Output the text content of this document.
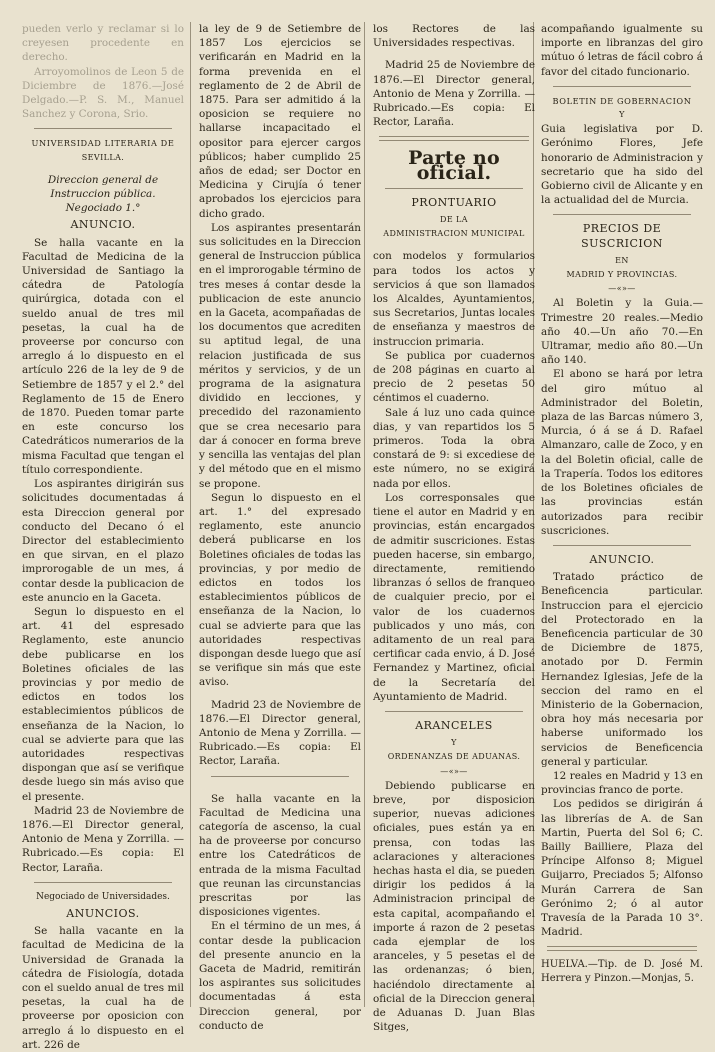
pueden verlo y reclamar si lo creyesen procedente en derecho.

Arroyomolinos de Leon 5 de Diciembre de 1876.—José Delgado.—P. S. M., Manuel Sanchez y Corona, Srio.

UNIVERSIDAD LITERARIA DE
SEVILLA.
Direccion general de Instruccion pública.
Negociado 1.°
ANUNCIO.

Se halla vacante en la Facultad de Medicina de la Universidad de Santiago la cátedra de Patología quirúrgica, dotada con el sueldo anual de tres mil pesetas, la cual ha de proveerse por concurso con arreglo á lo dispuesto en el artículo 226 de la ley de 9 de Setiembre de 1857 y el 2.° del Reglamento de 15 de Enero de 1870. Pueden tomar parte en este concurso los Catedráticos numerarios de la misma Facultad que tengan el título correspondiente.

Los aspirantes dirigirán sus solicitudes documentadas á esta Direccion general por conducto del Decano ó el Director del establecimiento en que sirvan, en el plazo improrogable de un mes, á contar desde la publicacion de este anuncio en la Gaceta.

Segun lo dispuesto en el art. 41 del espresado Reglamento, este anuncio debe publicarse en los Boletines oficiales de las provincias y por medio de edictos en todos los establecimientos públicos de enseñanza de la Nacion, lo cual se advierte para que las autoridades respectivas dispongan que así se verifique desde luego sin más aviso que el presente.

Madrid 23 de Noviembre de 1876.—El Director general, Antonio de Mena y Zorrilla. —Rubricado.—Es copia: El Rector, Laraña.

Negociado de Universidades.
ANUNCIOS.

Se halla vacante en la facultad de Medicina de la Universidad de Granada la cátedra de Fisiología, dotada con el sueldo anual de tres mil pesetas, la cual ha de proveerse por oposicion con arreglo á lo dispuesto en el art. 226 de

la ley de 9 de Setiembre de 1857 Los ejercicios se verificarán en Madrid en la forma prevenida en el reglamento de 2 de Abril de 1875. Para ser admitido á la oposicion se requiere no hallarse incapacitado el opositor para ejercer cargos públicos; haber cumplido 25 años de edad; ser Doctor en Medicina y Cirujía ó tener aprobados los ejercicios para dicho grado.

Los aspirantes presentarán sus solicitudes en la Direccion general de Instruccion pública en el improrogable término de tres meses á contar desde la publicacion de este anuncio en la Gaceta, acompañadas de los documentos que acrediten su aptitud legal, de una relacion justificada de sus méritos y servicios, y de un programa de la asignatura dividido en lecciones, y precedido del razonamiento que se crea necesario para dar á conocer en forma breve y sencilla las ventajas del plan y del método que en el mismo se propone.

Segun lo dispuesto en el art. 1.° del expresado reglamento, este anuncio deberá publicarse en los Boletines oficiales de todas las provincias, y por medio de edictos en todos los establecimientos públicos de enseñanza de la Nacion, lo cual se advierte para que las autoridades respectivas dispongan desde luego que así se verifique sin más que este aviso.

Madrid 23 de Noviembre de 1876.—El Director general, Antonio de Mena y Zorrilla. —Rubricado.—Es copia: El Rector, Laraña.

Se halla vacante en la Facultad de Medicina una categoría de ascenso, la cual ha de proveerse por concurso entre los Catedráticos de entrada de la misma Facultad que reunan las circunstancias prescritas por las disposiciones vigentes.

En el término de un mes, á contar desde la publicacion del presente anuncio en la Gaceta de Madrid, remitirán los aspirantes sus solicitudes documentadas á esta Direccion general, por conducto de

los Rectores de las Universidades respectivas.

Madrid 25 de Noviembre de 1876.—El Director general, Antonio de Mena y Zorrilla. —Rubricado.—Es copia: El Rector, Laraña.

Parte no oficial.
PRONTUARIO
DE LA
ADMINISTRACION MUNICIPAL

con modelos y formularios para todos los actos y servicios á que son llamados los Alcaldes, Ayuntamientos, sus Secretarios, Juntas locales de enseñanza y maestros de instruccion primaria.

Se publica por cuadernos de 208 páginas en cuarto al precio de 2 pesetas 50 céntimos el cuaderno.

Sale á luz uno cada quince dias, y van repartidos los 5 primeros. Toda la obra constará de 9: si excediese de este número, no se exigirá nada por ellos.

Los corresponsales que tiene el autor en Madrid y en provincias, están encargados de admitir suscriciones. Estas pueden hacerse, sin embargo, directamente, remitiendo libranzas ó sellos de franqueo de cualquier precio, por el valor de los cuadernos publicados y uno más, con aditamento de un real para certificar cada envio, á D. José Fernandez y Martinez, oficial de la Secretaría del Ayuntamiento de Madrid.

ARANCELES
Y
ORDENANZAS DE ADUANAS.
—«»—

Debiendo publicarse en breve, por disposicion superior, nuevas adiciones oficiales, pues están ya en prensa, con todas las aclaraciones y alteraciones hechas hasta el dia, se pueden dirigir los pedidos á la Administracion principal de esta capital, acompañando el importe á razon de 2 pesetas cada ejemplar de los aranceles, y 5 pesetas el de las ordenanzas; ó bien, haciéndolo directamente al oficial de la Direccion general de Aduanas D. Juan Blas Sitges,

acompañando igualmente su importe en libranzas del giro mútuo ó letras de fácil cobro á favor del citado funcionario.

BOLETIN DE GOBERNACION
Y

Guia legislativa por D. Gerónimo Flores, Jefe honorario de Administracion y secretario que ha sido del Gobierno civil de Alicante y en la actualidad del de Murcia.

PRECIOS DE SUSCRICION
EN
MADRID Y PROVINCIAS.
—«»—

Al Boletin y la Guia.—Trimestre 20 reales.—Medio año 40.—Un año 70.—En Ultramar, medio año 80.—Un año 140.

El abono se hará por letra del giro mútuo al Administrador del Boletin, plaza de las Barcas número 3, Murcia, ó á se á D. Rafael Almanzaro, calle de Zoco, y en la del Boletin oficial, calle de la Trapería. Todos los editores de los Boletines oficiales de las provincias están autorizados para recibir suscriciones.

ANUNCIO.

Tratado práctico de Beneficencia particular. Instruccion para el ejercicio del Protectorado en la Beneficencia particular de 30 de Diciembre de 1875, anotado por D. Fermin Hernandez Iglesias, Jefe de la seccion del ramo en el Ministerio de la Gobernacion, obra hoy más necesaria por haberse uniformado los servicios de Beneficencia general y particular.

12 reales en Madrid y 13 en provincias franco de porte.

Los pedidos se dirigirán á las librerías de A. de San Martin, Puerta del Sol 6; C. Bailly Bailliere, Plaza del Príncipe Alfonso 8; Miguel Guijarro, Preciados 5; Alfonso Murán Carrera de San Gerónimo 2; ó al autor Travesía de la Parada 10 3°. Madrid.

HUELVA.—Tip. de D. José M. Herrera y Pinzon.—Monjas, 5.
